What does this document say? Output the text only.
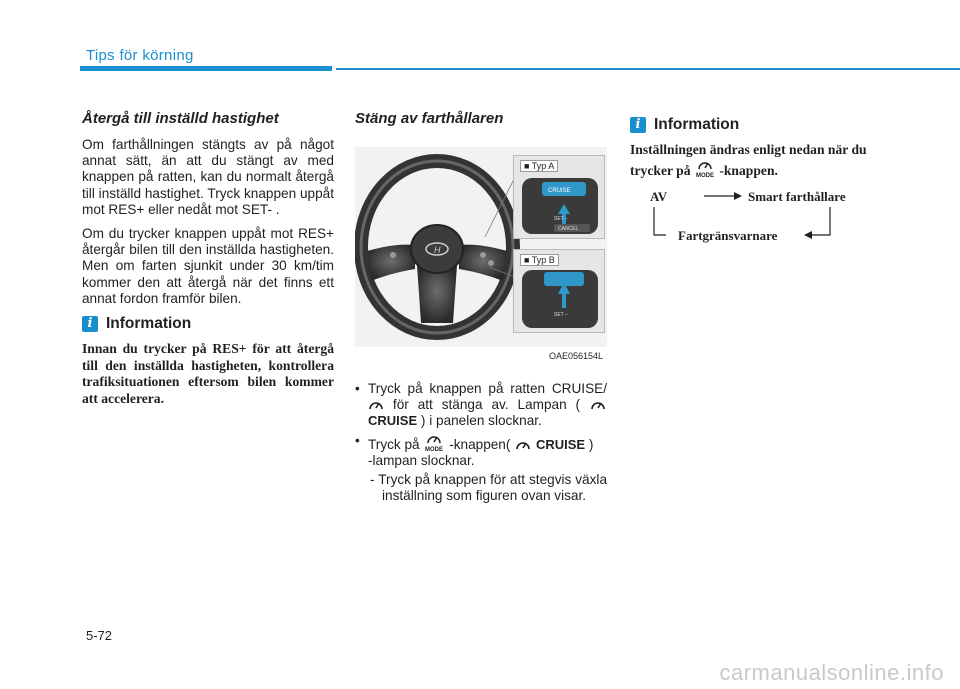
Tips för körning
Återgå till inställd hastighet

Om farthållningen stängts av på något annat sätt, än att du stängt av med knappen på ratten, kan du normalt återgå till inställd hastighet. Tryck knappen uppåt mot RES+ eller nedåt mot SET- .

Om du trycker knappen uppåt mot RES+ återgår bilen till den inställda hastigheten. Men om farten sjunkit under 30 km/tim kommer den att återgå när det finns ett annat fordon framför bilen.

i Information

Innan du trycker på RES+ för att återgå till den inställda hastigheten, kontrollera trafiksituationen eftersom bilen kommer att accelerera.

Stäng av farthållaren
H
■ Typ A
CRUISE
SET −
CANCEL
■ Typ B
SET −
OAE056154L
• Tryck på knappen på ratten CRUISE/  för att stänga av. Lampan (  CRUISE ) i panelen slocknar.
• Tryck på MODE -knappen( CRUISE )
-lampan slocknar.
- Tryck på knappen för att stegvis växla inställning som figuren ovan visar.
i Information

Inställningen ändras enligt nedan när du trycker på MODE -knappen.

AV	Smart farthållare
Fartgränsvarnare
5-72
carmanualsonline.info
